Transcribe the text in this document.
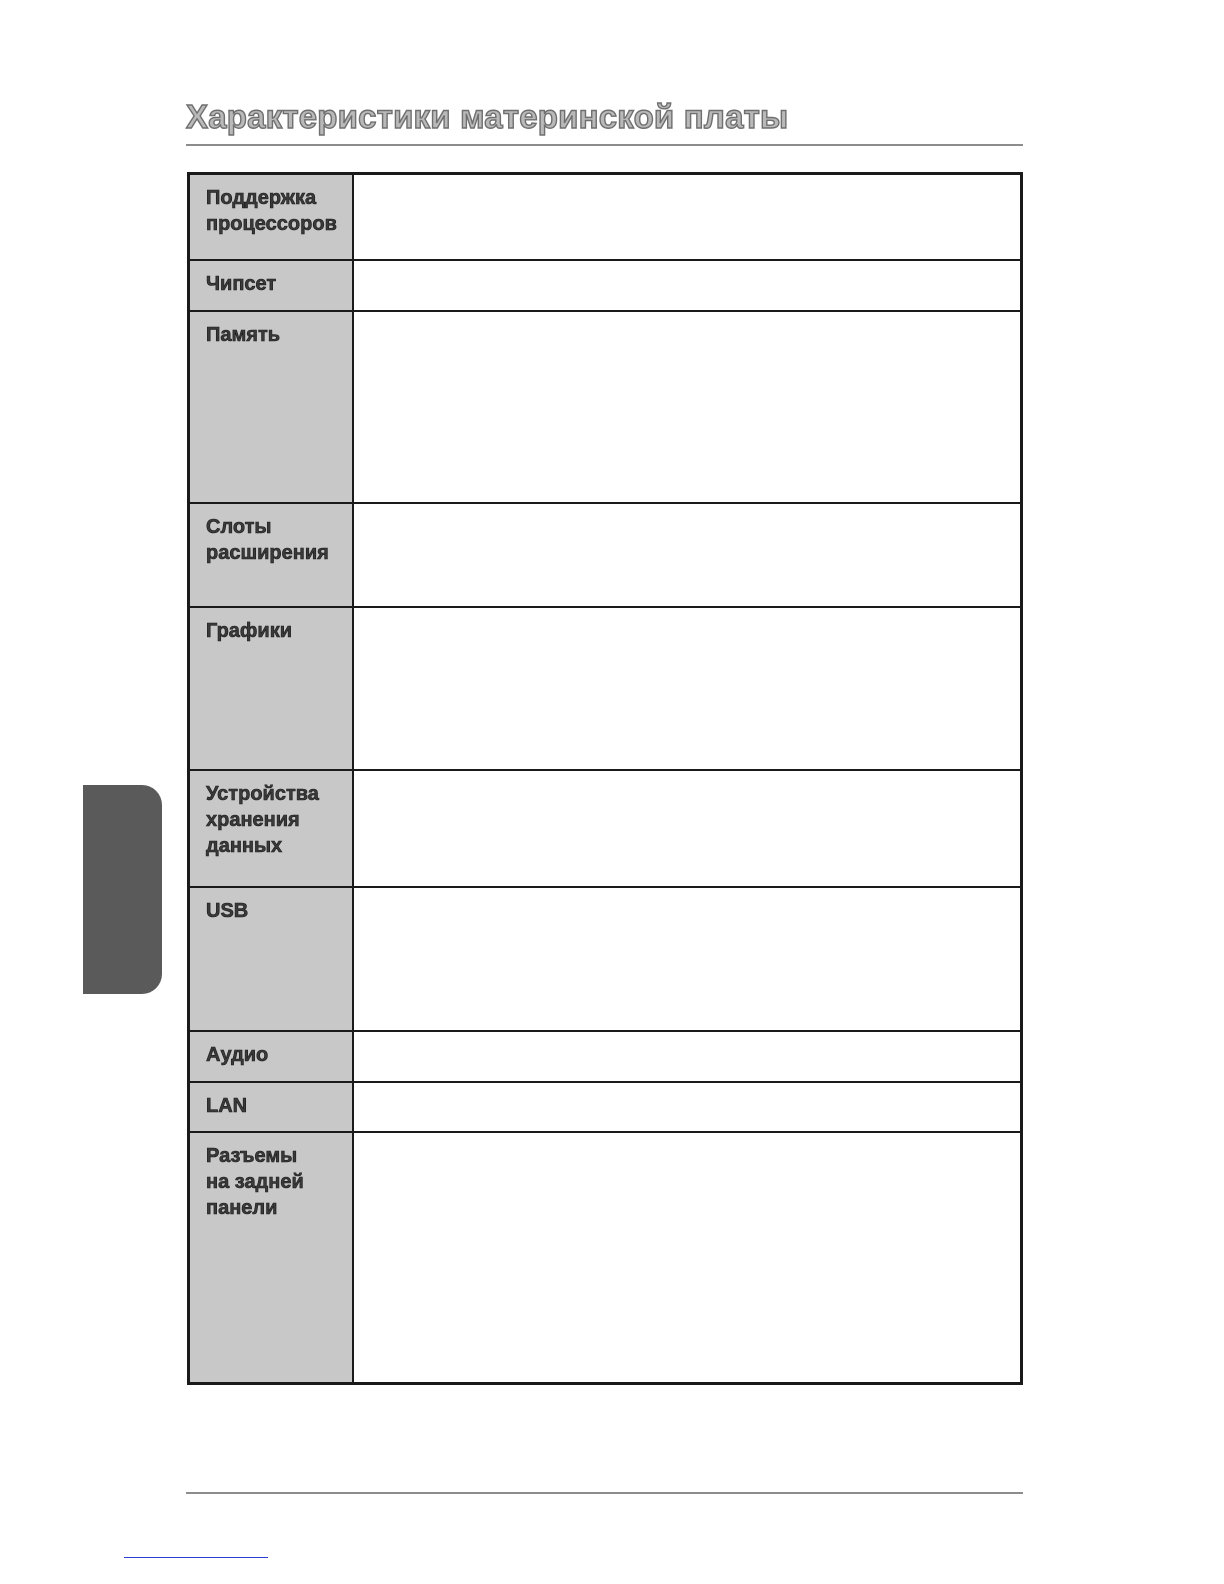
Характеристики материнской платы
Поддержка
процессоров	
Чипсет	
Память	
Слоты
расширения	
Графики	
Устройства
хранения
данных	
USB	
Аудио	
LAN	
Разъемы
на задней
панели	
